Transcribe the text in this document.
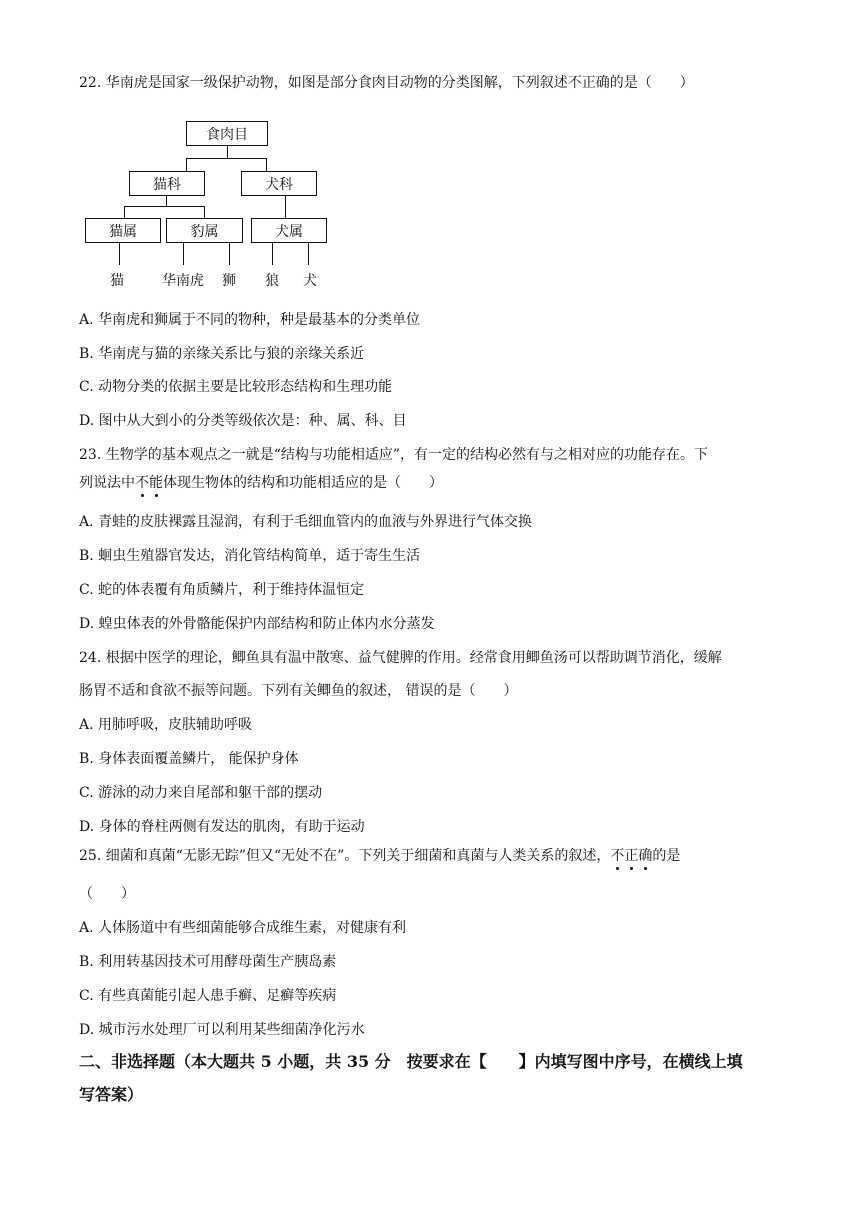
22. 华南虎是国家一级保护动物，如图是部分食肉目动物的分类图解，下列叙述不正确的是（　　）
食肉目
猫科	犬科
猫属	豹属	犬属
猫	华南虎 狮 狼 犬
A. 华南虎和狮属于不同的物种，种是最基本的分类单位
B. 华南虎与猫的亲缘关系比与狼的亲缘关系近
C. 动物分类的依据主要是比较形态结构和生理功能
D. 图中从大到小的分类等级依次是：种、属、科、目
23. 生物学的基本观点之一就是“结构与功能相适应”，有一定的结构必然有与之相对应的功能存在。下
列说法中不能体现生物体的结构和功能相适应的是（　　）
A. 青蛙的皮肤裸露且湿润，有利于毛细血管内的血液与外界进行气体交换
B. 蛔虫生殖器官发达，消化管结构简单，适于寄生生活
C. 蛇的体表覆有角质鳞片，利于维持体温恒定
D. 蝗虫体表的外骨骼能保护内部结构和防止体内水分蒸发
24. 根据中医学的理论，鲫鱼具有温中散寒、益气健脾的作用。经常食用鲫鱼汤可以帮助调节消化，缓解
肠胃不适和食欲不振等问题。下列有关鲫鱼的叙述， 错误的是（　　）
A. 用肺呼吸，皮肤辅助呼吸
B. 身体表面覆盖鳞片， 能保护身体
C. 游泳的动力来自尾部和躯干部的摆动
D. 身体的脊柱两侧有发达的肌肉，有助于运动
25. 细菌和真菌“无影无踪”但又“无处不在”。下列关于细菌和真菌与人类关系的叙述，不正确的是
（　　）
A. 人体肠道中有些细菌能够合成维生素，对健康有利
B. 利用转基因技术可用酵母菌生产胰岛素
C. 有些真菌能引起人患手癣、足癣等疾病
D. 城市污水处理厂可以利用某些细菌净化污水
二、非选择题（本大题共 5 小题，共 35 分　按要求在【　　】内填写图中序号，在横线上填
写答案）
